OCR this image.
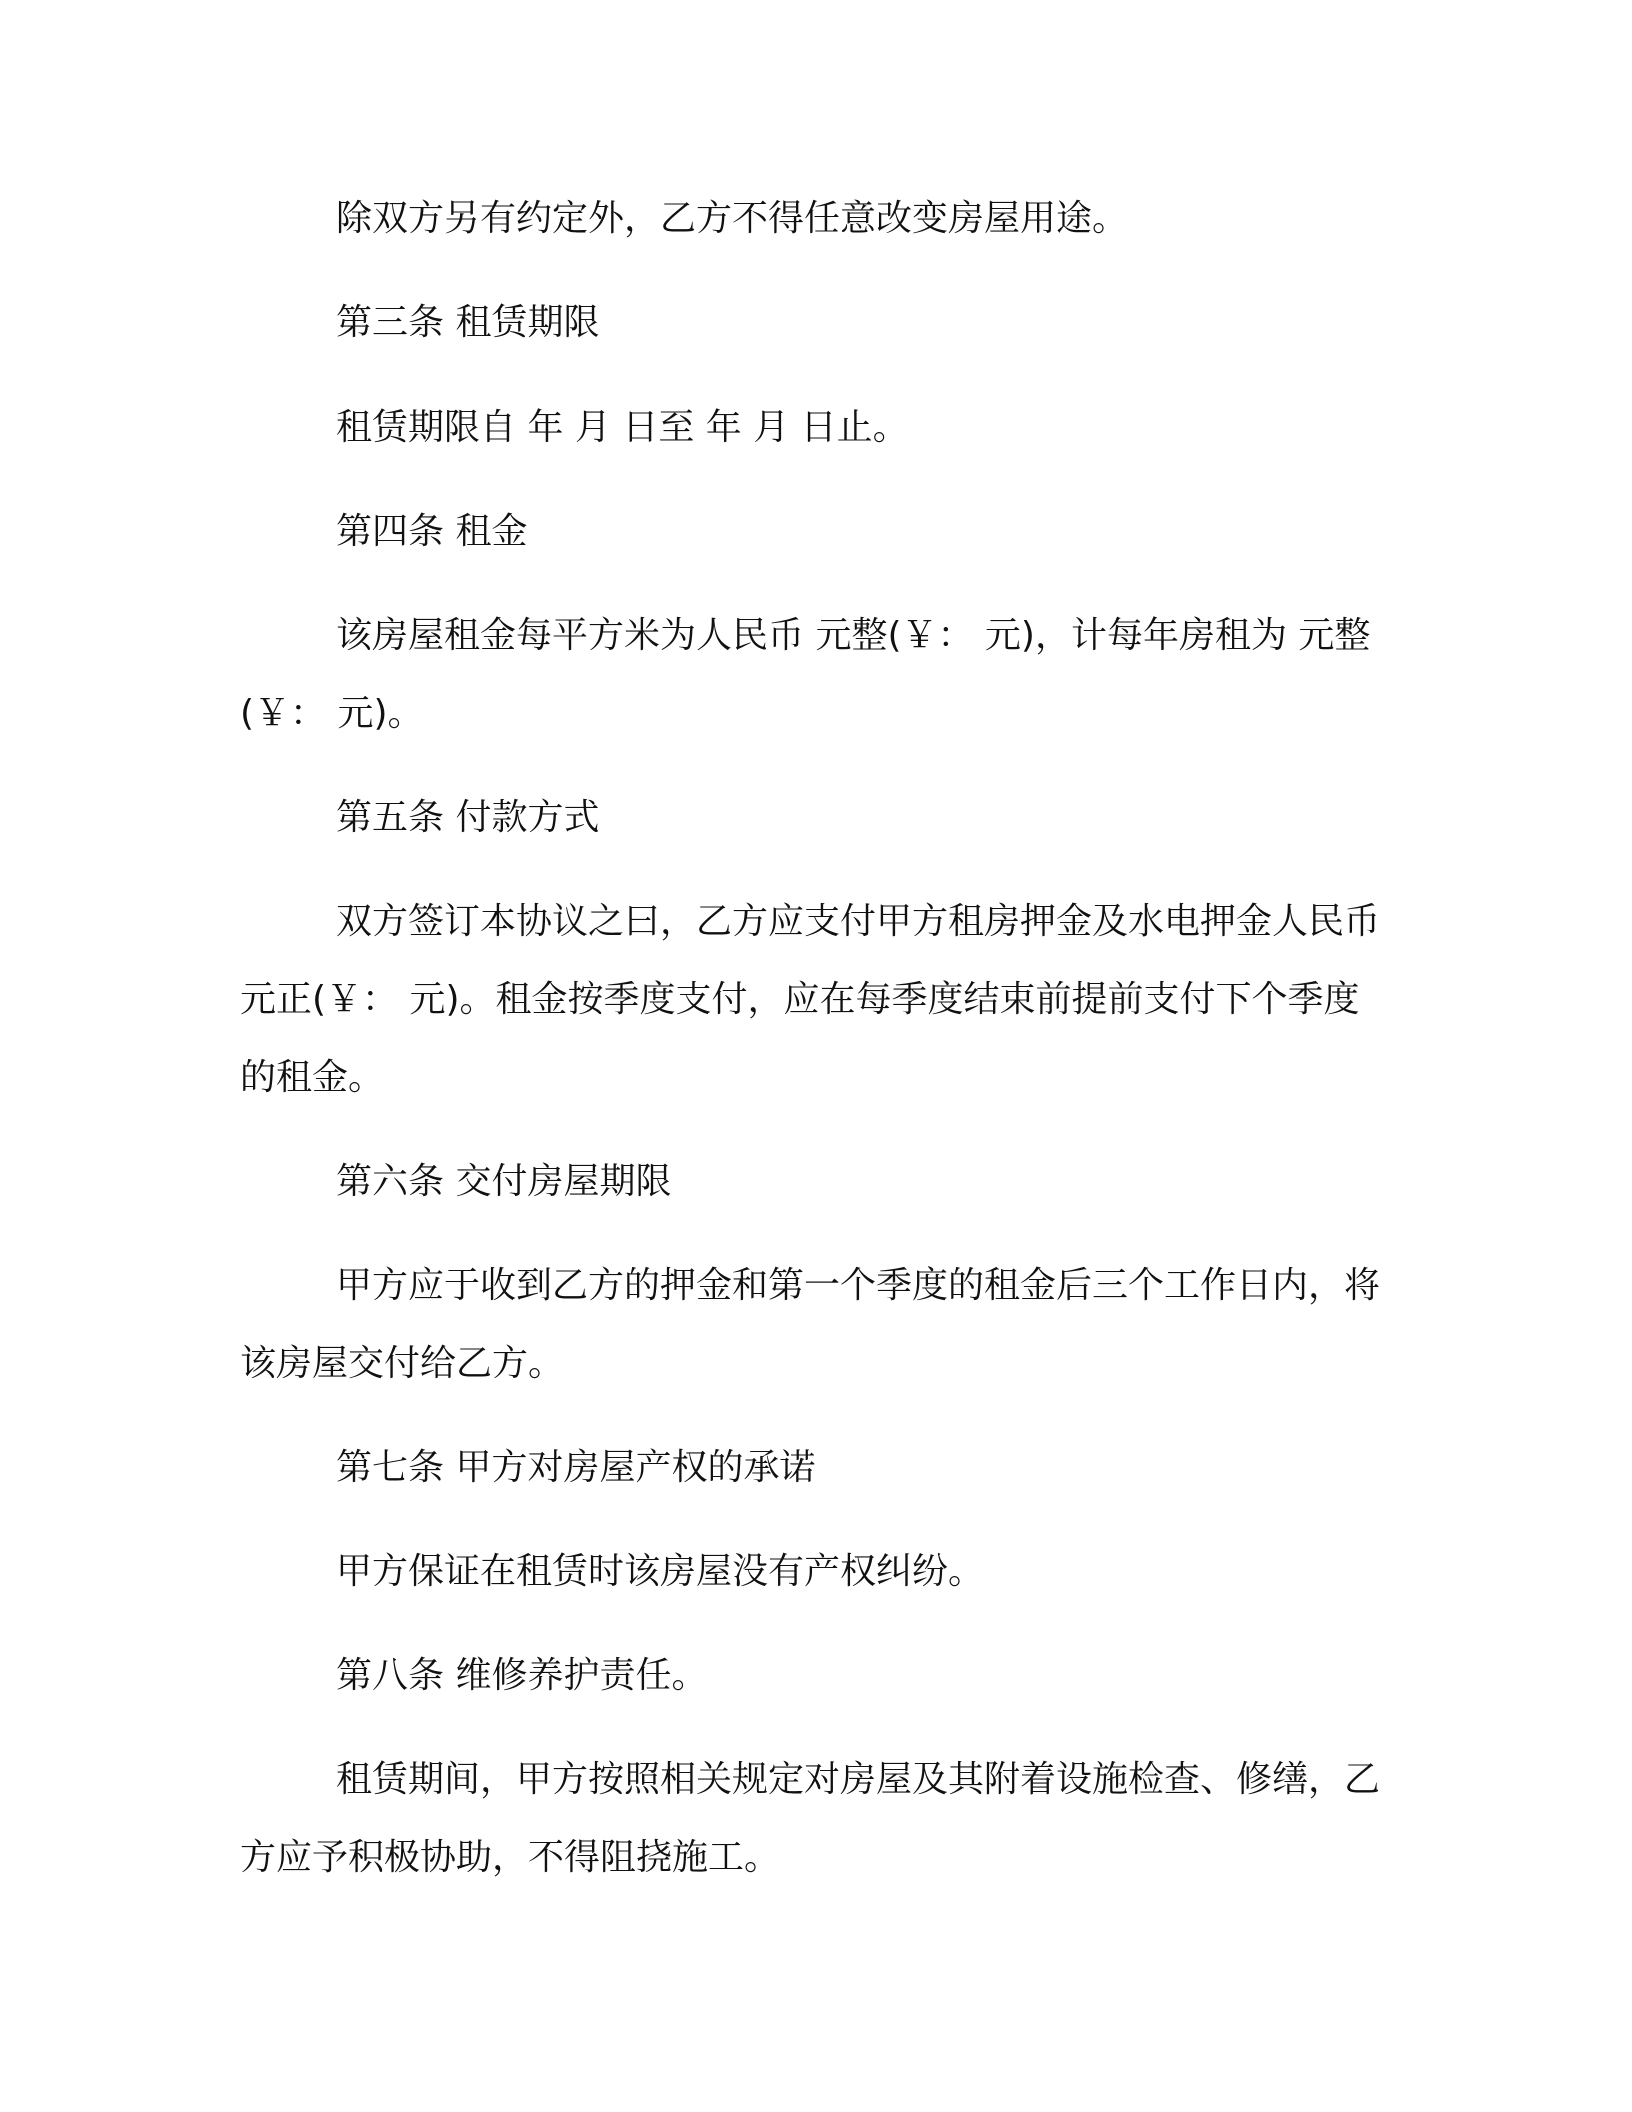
除双方另有约定外，乙方不得任意改变房屋用途。

第三条 租赁期限

租赁期限自 年 月 日至 年 月 日止。

第四条 租金

该房屋租金每平方米为人民币 元整(￥： 元)，计每年房租为 元整(￥： 元)。

第五条 付款方式

双方签订本协议之曰，乙方应支付甲方租房押金及水电押金人民币 元正(￥： 元)。租金按季度支付，应在每季度结束前提前支付下个季度的租金。

第六条 交付房屋期限

甲方应于收到乙方的押金和第一个季度的租金后三个工作日内，将该房屋交付给乙方。

第七条 甲方对房屋产权的承诺

甲方保证在租赁时该房屋没有产权纠纷。

第八条 维修养护责任。

租赁期间，甲方按照相关规定对房屋及其附着设施检查、修缮，乙方应予积极协助，不得阻挠施工。
